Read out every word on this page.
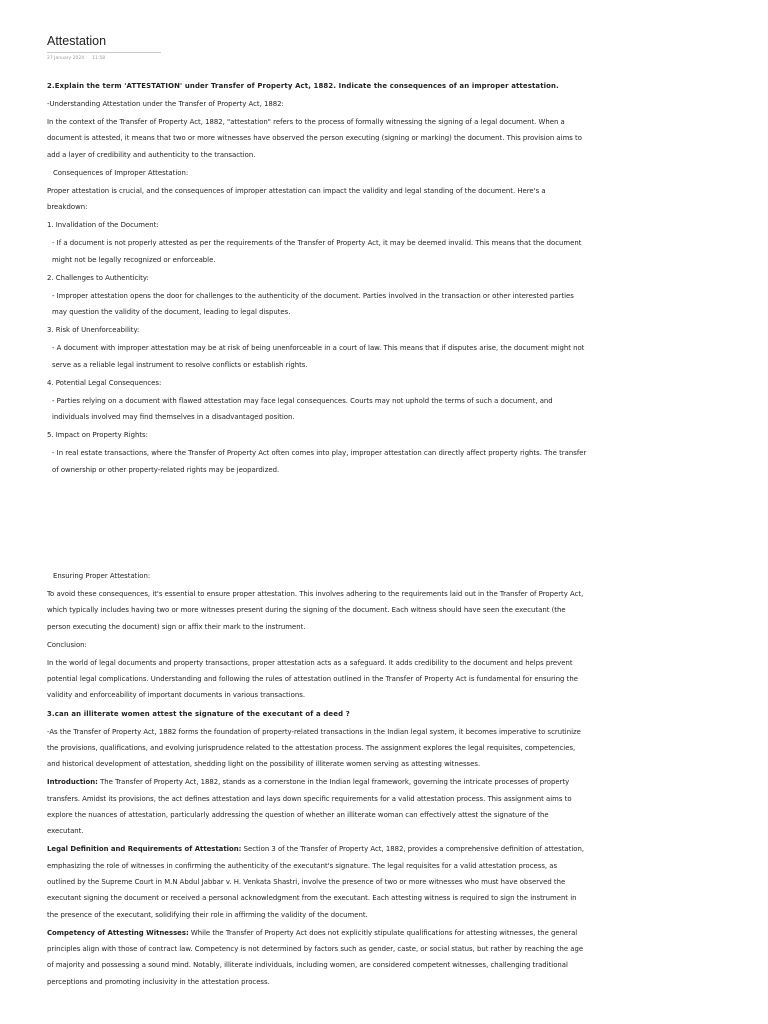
Attestation
27 January 2024 11:58
2.Explain the term 'ATTESTATION' under Transfer of Property Act, 1882. Indicate the consequences of an improper attestation.
-Understanding Attestation under the Transfer of Property Act, 1882:
In the context of the Transfer of Property Act, 1882, "attestation" refers to the process of formally witnessing the signing of a legal document. When a document is attested, it means that two or more witnesses have observed the person executing (signing or marking) the document. This provision aims to add a layer of credibility and authenticity to the transaction.
Consequences of Improper Attestation:
Proper attestation is crucial, and the consequences of improper attestation can impact the validity and legal standing of the document. Here's a breakdown:
1. Invalidation of the Document:
- If a document is not properly attested as per the requirements of the Transfer of Property Act, it may be deemed invalid. This means that the document might not be legally recognized or enforceable.
2. Challenges to Authenticity:
- Improper attestation opens the door for challenges to the authenticity of the document. Parties involved in the transaction or other interested parties may question the validity of the document, leading to legal disputes.
3. Risk of Unenforceability:
- A document with improper attestation may be at risk of being unenforceable in a court of law. This means that if disputes arise, the document might not serve as a reliable legal instrument to resolve conflicts or establish rights.
4. Potential Legal Consequences:
- Parties relying on a document with flawed attestation may face legal consequences. Courts may not uphold the terms of such a document, and individuals involved may find themselves in a disadvantaged position.
5. Impact on Property Rights:
- In real estate transactions, where the Transfer of Property Act often comes into play, improper attestation can directly affect property rights. The transfer of ownership or other property-related rights may be jeopardized.
Ensuring Proper Attestation:
To avoid these consequences, it's essential to ensure proper attestation. This involves adhering to the requirements laid out in the Transfer of Property Act, which typically includes having two or more witnesses present during the signing of the document. Each witness should have seen the executant (the person executing the document) sign or affix their mark to the instrument.
Conclusion:
In the world of legal documents and property transactions, proper attestation acts as a safeguard. It adds credibility to the document and helps prevent potential legal complications. Understanding and following the rules of attestation outlined in the Transfer of Property Act is fundamental for ensuring the validity and enforceability of important documents in various transactions.
3.can an illiterate women attest the signature of the executant of a deed ?
-As the Transfer of Property Act, 1882 forms the foundation of property-related transactions in the Indian legal system, it becomes imperative to scrutinize the provisions, qualifications, and evolving jurisprudence related to the attestation process. The assignment explores the legal requisites, competencies, and historical development of attestation, shedding light on the possibility of illiterate women serving as attesting witnesses.
Introduction: The Transfer of Property Act, 1882, stands as a cornerstone in the Indian legal framework, governing the intricate processes of property transfers. Amidst its provisions, the act defines attestation and lays down specific requirements for a valid attestation process. This assignment aims to explore the nuances of attestation, particularly addressing the question of whether an illiterate woman can effectively attest the signature of the executant.
Legal Definition and Requirements of Attestation: Section 3 of the Transfer of Property Act, 1882, provides a comprehensive definition of attestation, emphasizing the role of witnesses in confirming the authenticity of the executant's signature. The legal requisites for a valid attestation process, as outlined by the Supreme Court in M.N Abdul Jabbar v. H. Venkata Shastri, involve the presence of two or more witnesses who must have observed the executant signing the document or received a personal acknowledgment from the executant. Each attesting witness is required to sign the instrument in the presence of the executant, solidifying their role in affirming the validity of the document.
Competency of Attesting Witnesses: While the Transfer of Property Act does not explicitly stipulate qualifications for attesting witnesses, the general principles align with those of contract law. Competency is not determined by factors such as gender, caste, or social status, but rather by reaching the age of majority and possessing a sound mind. Notably, illiterate individuals, including women, are considered competent witnesses, challenging traditional perceptions and promoting inclusivity in the attestation process.
